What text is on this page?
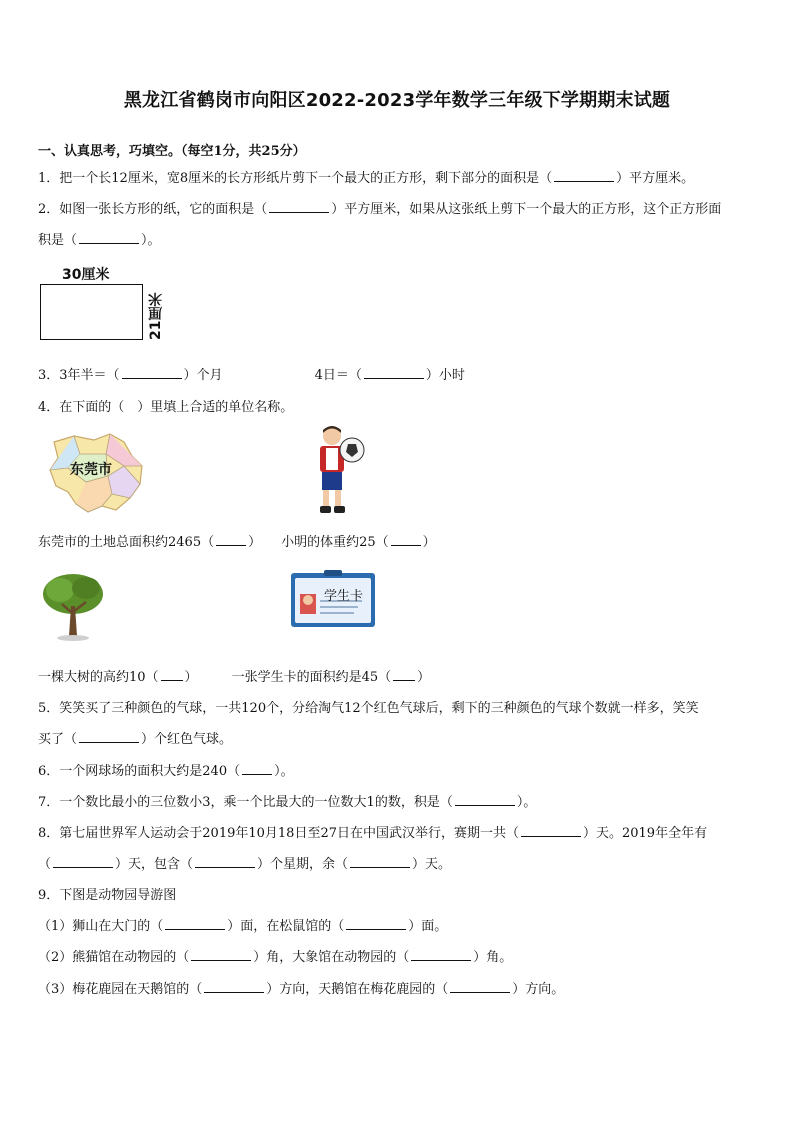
黑龙江省鹤岗市向阳区2022-2023学年数学三年级下学期期末试题
一、认真思考，巧填空。（每空1分，共25分）
1．把一个长12厘米，宽8厘米的长方形纸片剪下一个最大的正方形，剩下部分的面积是（	）平方厘米。
2．如图一张长方形的纸，它的面积是（	）平方厘米，如果从这张纸上剪下一个最大的正方形，这个正方形面
积是（	）。
30厘米
21厘米
3．3年半＝（	）个月	4日＝（	）小时
4．在下面的（　）里填上合适的单位名称。
东莞市
东莞市的土地总面积约2465（	） 小明的体重约25（	）
学生卡
一棵大树的高约10（ ）	一张学生卡的面积约是45（ ）
5．笑笑买了三种颜色的气球，一共120个，分给淘气12个红色气球后，剩下的三种颜色的气球个数就一样多，笑笑
买了（	）个红色气球。
6．一个网球场的面积大约是240（	）。
7．一个数比最小的三位数小3，乘一个比最大的一位数大1的数，积是（	）。
8．第七届世界军人运动会于2019年10月18日至27日在中国武汉举行，赛期一共（	）天。2019年全年有
（	）天，包含（	）个星期，余（	）天。
9．下图是动物园导游图
（1）狮山在大门的（	）面，在松鼠馆的（	）面。
（2）熊猫馆在动物园的（	）角，大象馆在动物园的（	）角。
（3）梅花鹿园在天鹅馆的（	）方向，天鹅馆在梅花鹿园的（	）方向。
